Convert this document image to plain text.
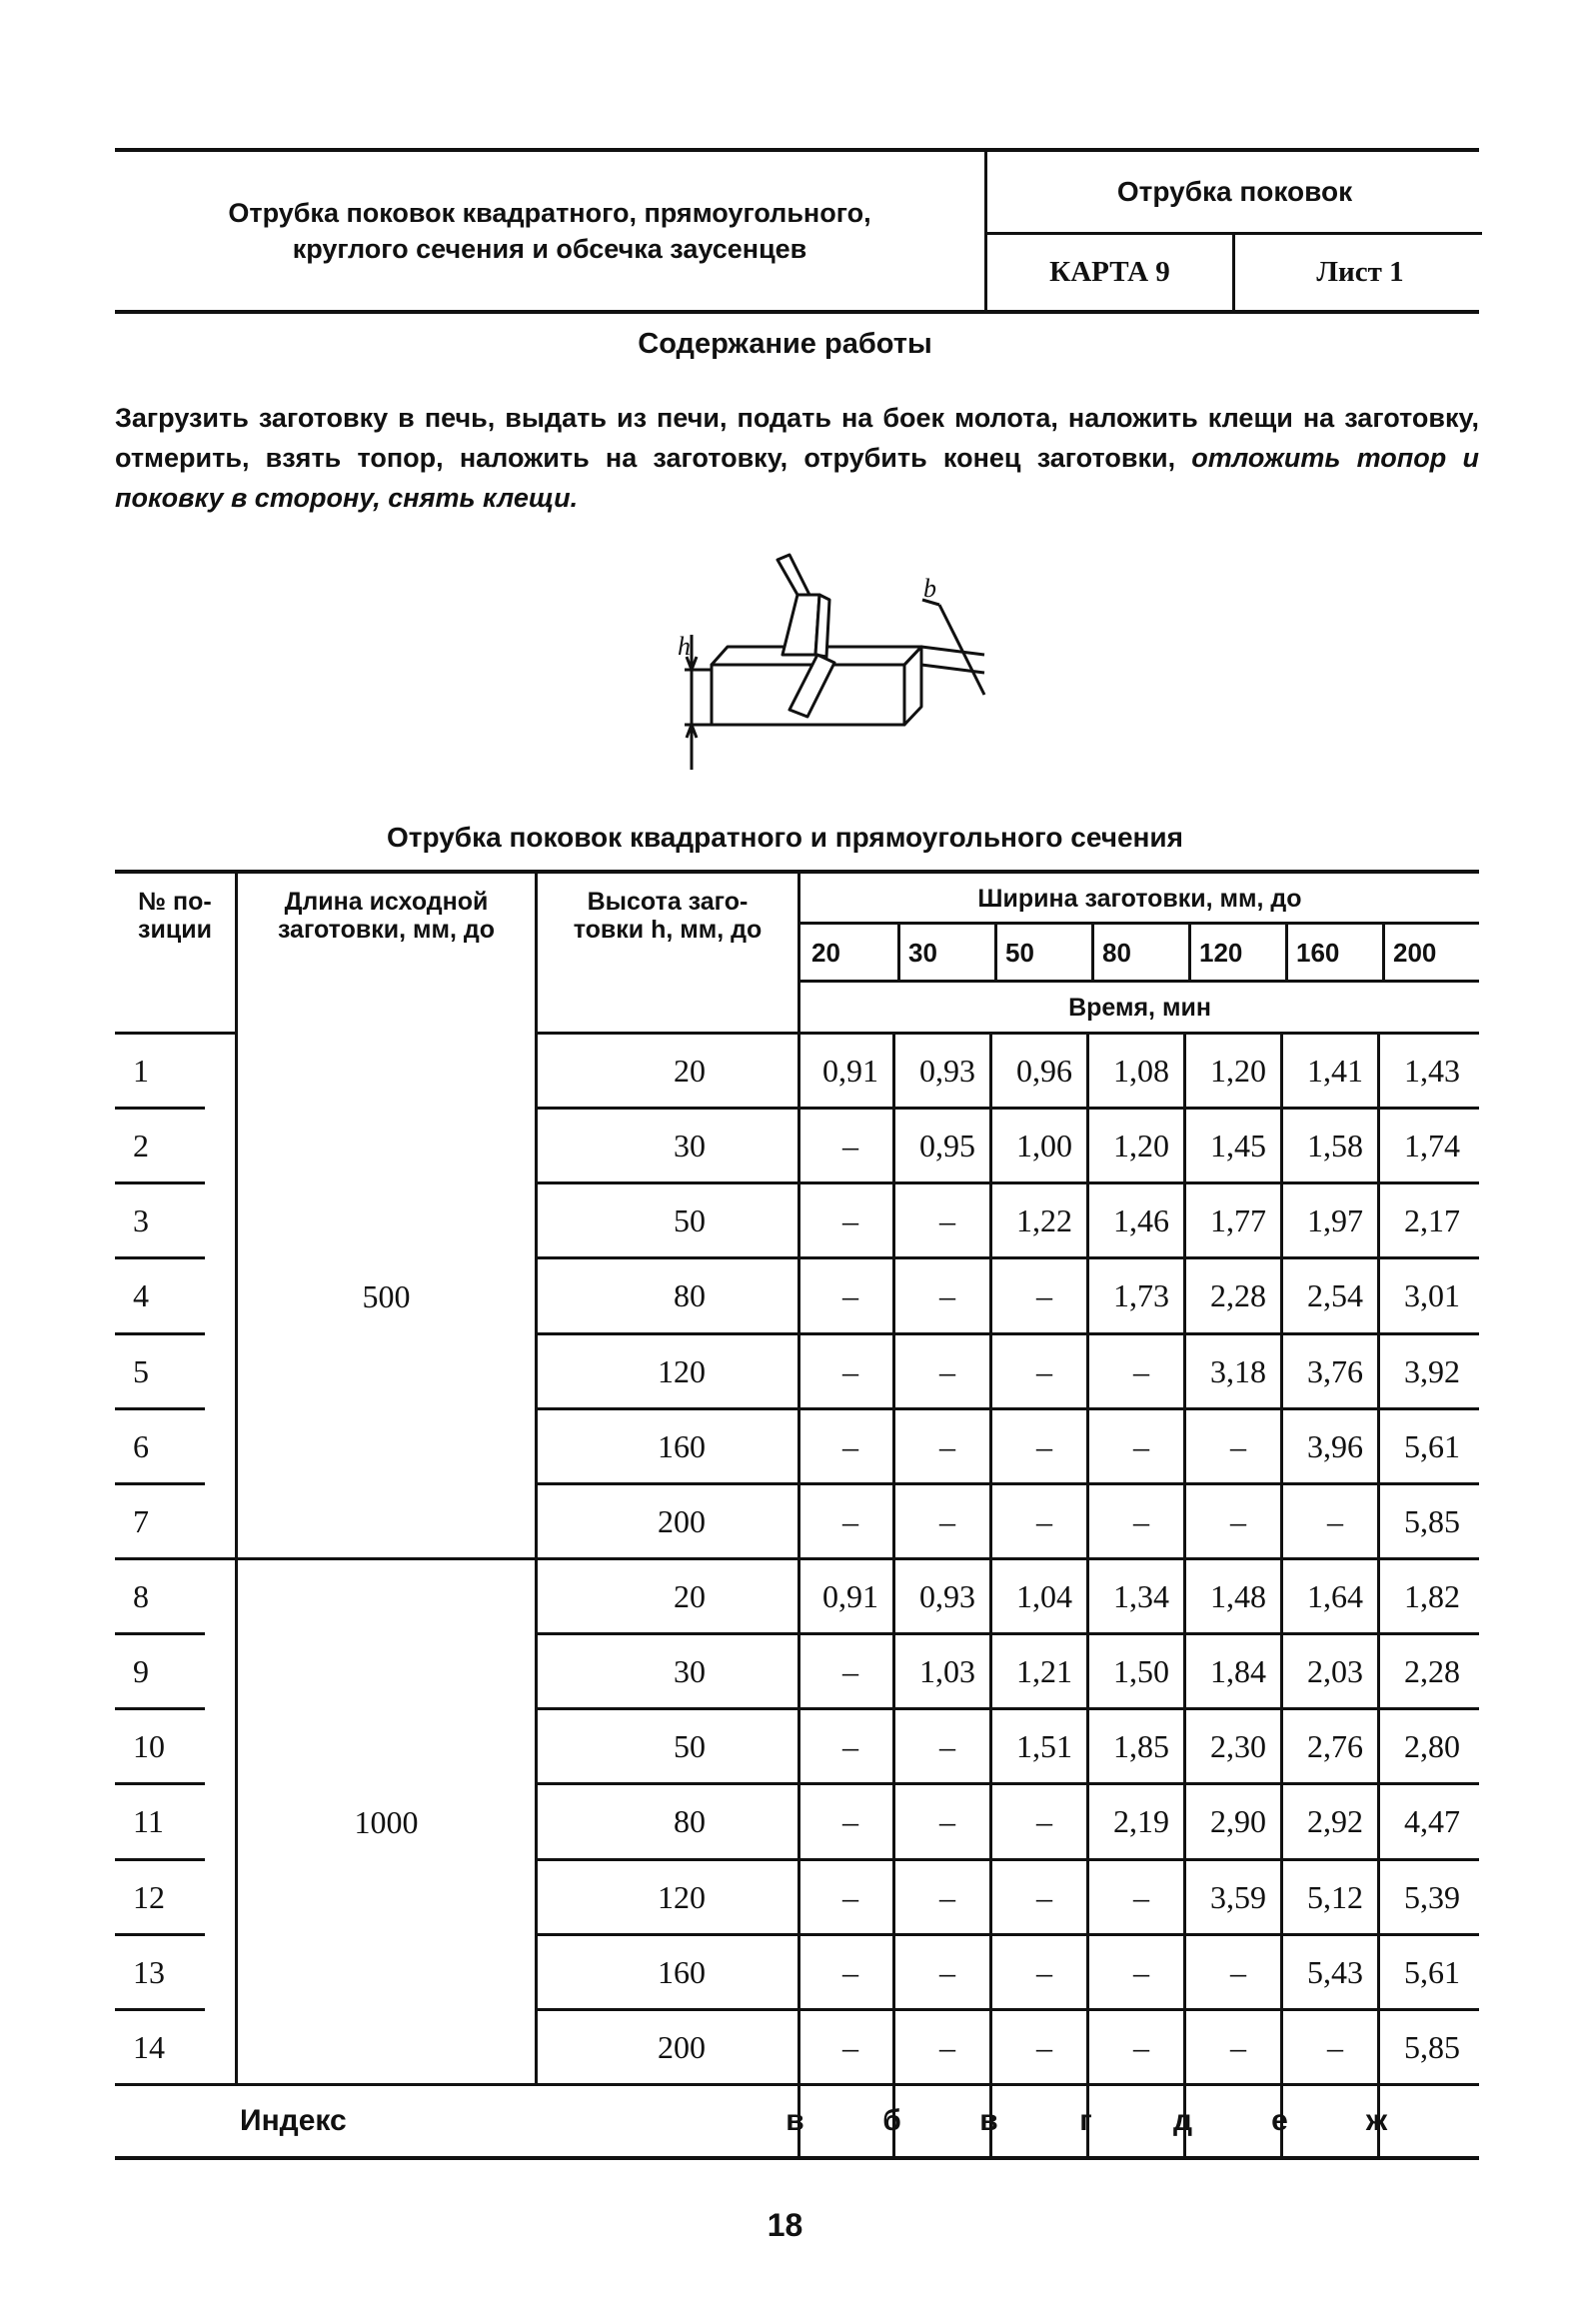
Отрубка поковок квадратного, прямоугольного,
круглого сечения и обсечка заусенцев
Отрубка поковок
КАРТА 9	Лист 1
Содержание работы
Загрузить заготовку в печь, выдать из печи, подать на боек молота, наложить клещи на заготовку, отмерить, взять топор, наложить на заготовку, отрубить конец заготовки, отложить топор и поковку в сторону, снять клещи.
h
b
Отрубка поковок квадратного и прямоугольного сечения
№ по-
зиции
Длина исходной
заготовки, мм, до
Высота заго-
товки h, мм, до
Ширина заготовки, мм, до
Время, мин
20	30	50	80	120	160	200
500
1000
1	20	0,91	0,93	0,96	1,08	1,20	1,41	1,43
2	30	–	0,95	1,00	1,20	1,45	1,58	1,74
3	50	–	–	1,22	1,46	1,77	1,97	2,17
4	80	–	–	–	1,73	2,28	2,54	3,01
5	120	–	–	–	–	3,18	3,76	3,92
6	160	–	–	–	–	–	3,96	5,61
7	200	–	–	–	–	–	–	5,85
8	20	0,91	0,93	1,04	1,34	1,48	1,64	1,82
9	30	–	1,03	1,21	1,50	1,84	2,03	2,28
10	50	–	–	1,51	1,85	2,30	2,76	2,80
11	80	–	–	–	2,19	2,90	2,92	4,47
12	120	–	–	–	–	3,59	5,12	5,39
13	160	–	–	–	–	–	5,43	5,61
14	200	–	–	–	–	–	–	5,85
Индекс	в	б	в	г	д	е	ж
18
